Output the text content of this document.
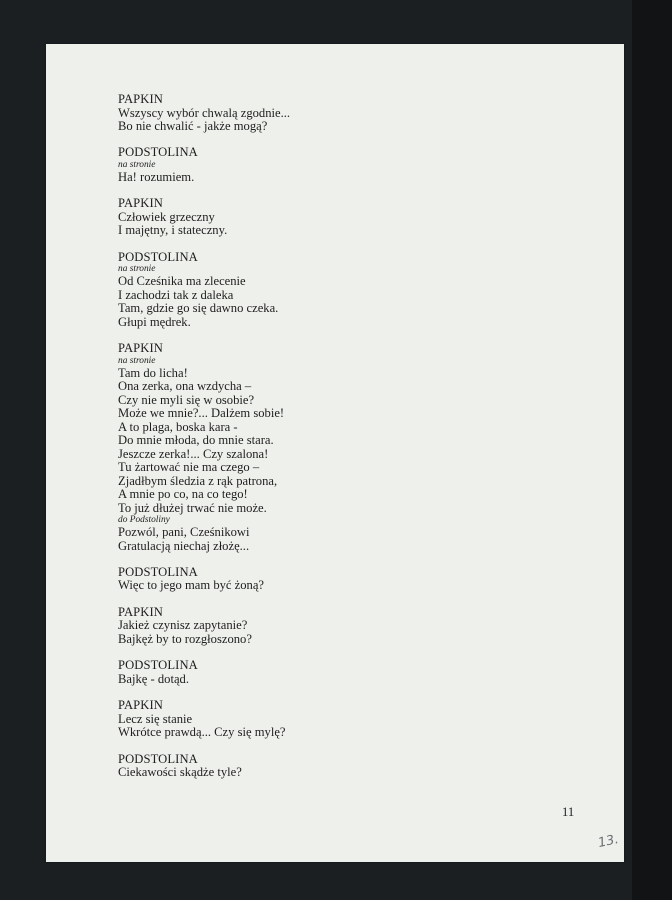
PAPKIN
Wszyscy wybór chwalą zgodnie...
Bo nie chwalić - jakże mogą?
PODSTOLINA
na stronie
Ha! rozumiem.
PAPKIN
Człowiek grzeczny
I majętny, i stateczny.
PODSTOLINA
na stronie
Od Cześnika ma zlecenie
I zachodzi tak z daleka
Tam, gdzie go się dawno czeka.
Głupi mędrek.
PAPKIN
na stronie
Tam do licha!
Ona zerka, ona wzdycha –
Czy nie myli się w osobie?
Może we mnie?... Dalżem sobie!
A to plaga, boska kara -
Do mnie młoda, do mnie stara.
Jeszcze zerka!... Czy szalona!
Tu żartować nie ma czego –
Zjadłbym śledzia z rąk patrona,
A mnie po co, na co tego!
To już dłużej trwać nie może.
do Podstoliny
Pozwól, pani, Cześnikowi
Gratulacją niechaj złożę...
PODSTOLINA
Więc to jego mam być żoną?
PAPKIN
Jakież czynisz zapytanie?
Bajkęż by to rozgłoszono?
PODSTOLINA
Bajkę - dotąd.
PAPKIN
Lecz się stanie
Wkrótce prawdą... Czy się mylę?
PODSTOLINA
Ciekawości skądże tyle?
11
13.
